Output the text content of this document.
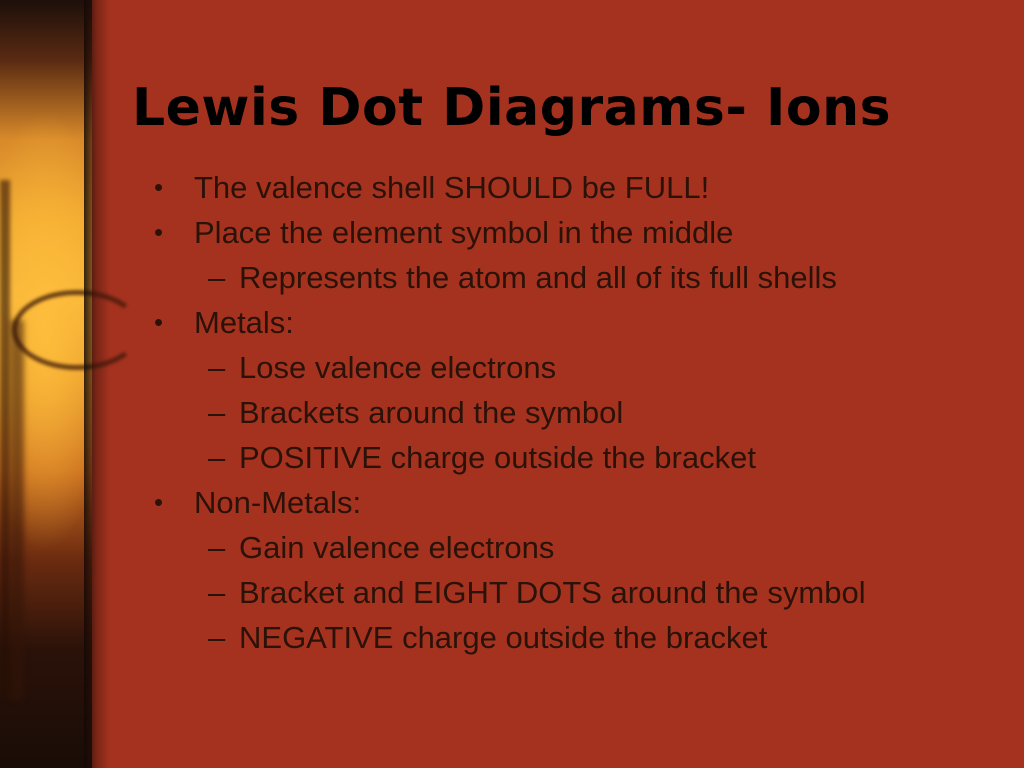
Lewis Dot Diagrams- Ions
• The valence shell SHOULD be FULL!
• Place the element symbol in the middle
– Represents the atom and all of its full shells
• Metals:
– Lose valence electrons
– Brackets around the symbol
– POSITIVE charge outside the bracket
• Non-Metals:
– Gain valence electrons
– Bracket and EIGHT DOTS around the symbol
– NEGATIVE charge outside the bracket
